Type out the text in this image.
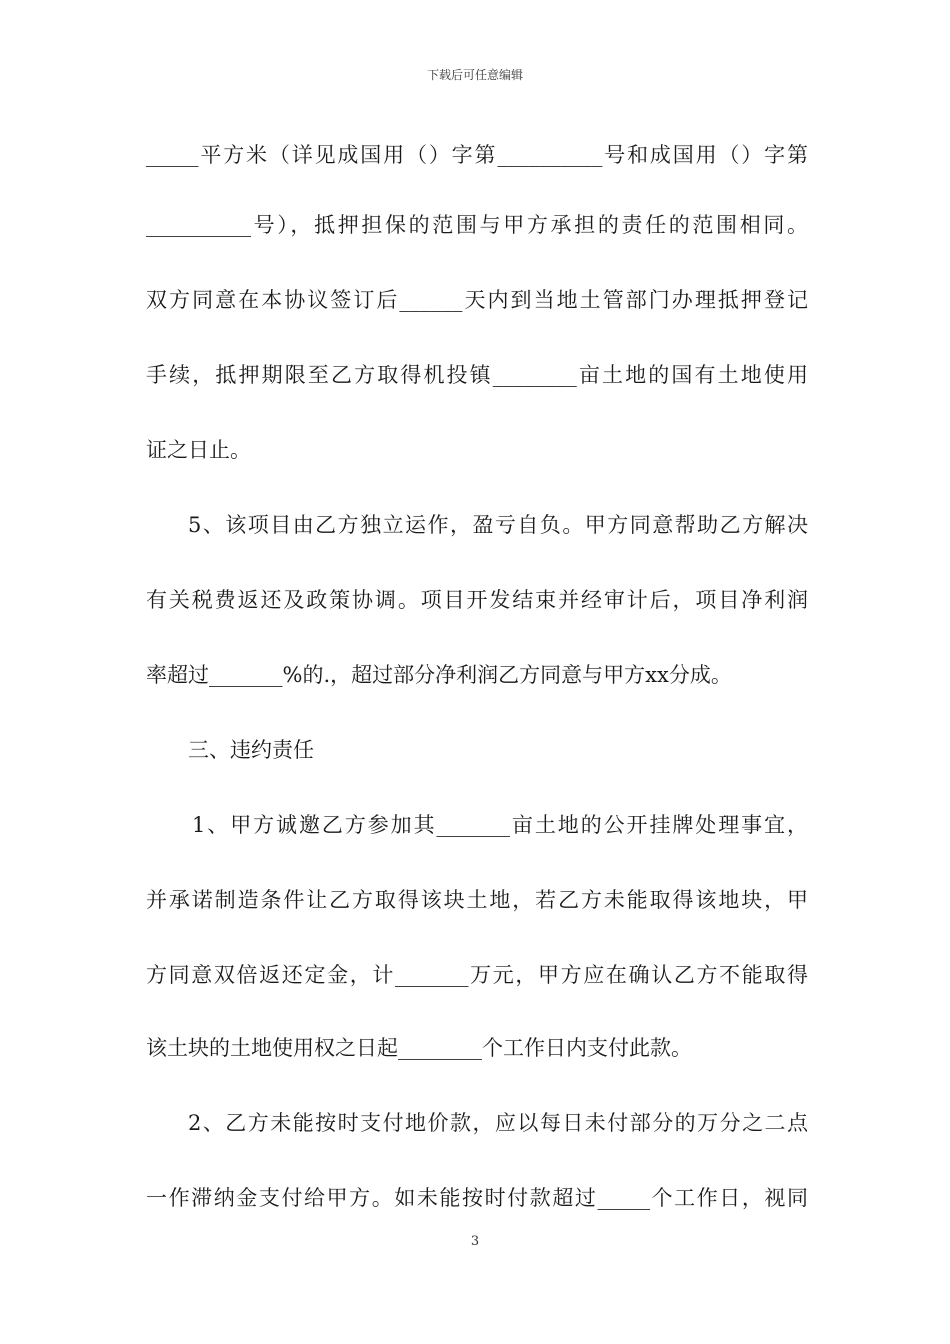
下载后可任意编辑
_____平方米（详见成国用（）字第__________号和成国用（）字第
__________号），抵押担保的范围与甲方承担的责任的范围相同。
双方同意在本协议签订后______天内到当地土管部门办理抵押登记
手续，抵押期限至乙方取得机投镇________亩土地的国有土地使用
证之日止。
5、该项目由乙方独立运作，盈亏自负。甲方同意帮助乙方解决
有关税费返还及政策协调。项目开发结束并经审计后，项目净利润
率超过_______%的.，超过部分净利润乙方同意与甲方xx分成。
三、违约责任
1、甲方诚邀乙方参加其_______亩土地的公开挂牌处理事宜，
并承诺制造条件让乙方取得该块土地，若乙方未能取得该地块，甲
方同意双倍返还定金，计_______万元，甲方应在确认乙方不能取得
该土块的土地使用权之日起________个工作日内支付此款。
2、乙方未能按时支付地价款，应以每日未付部分的万分之二点
一作滞纳金支付给甲方。如未能按时付款超过_____个工作日，视同
3
